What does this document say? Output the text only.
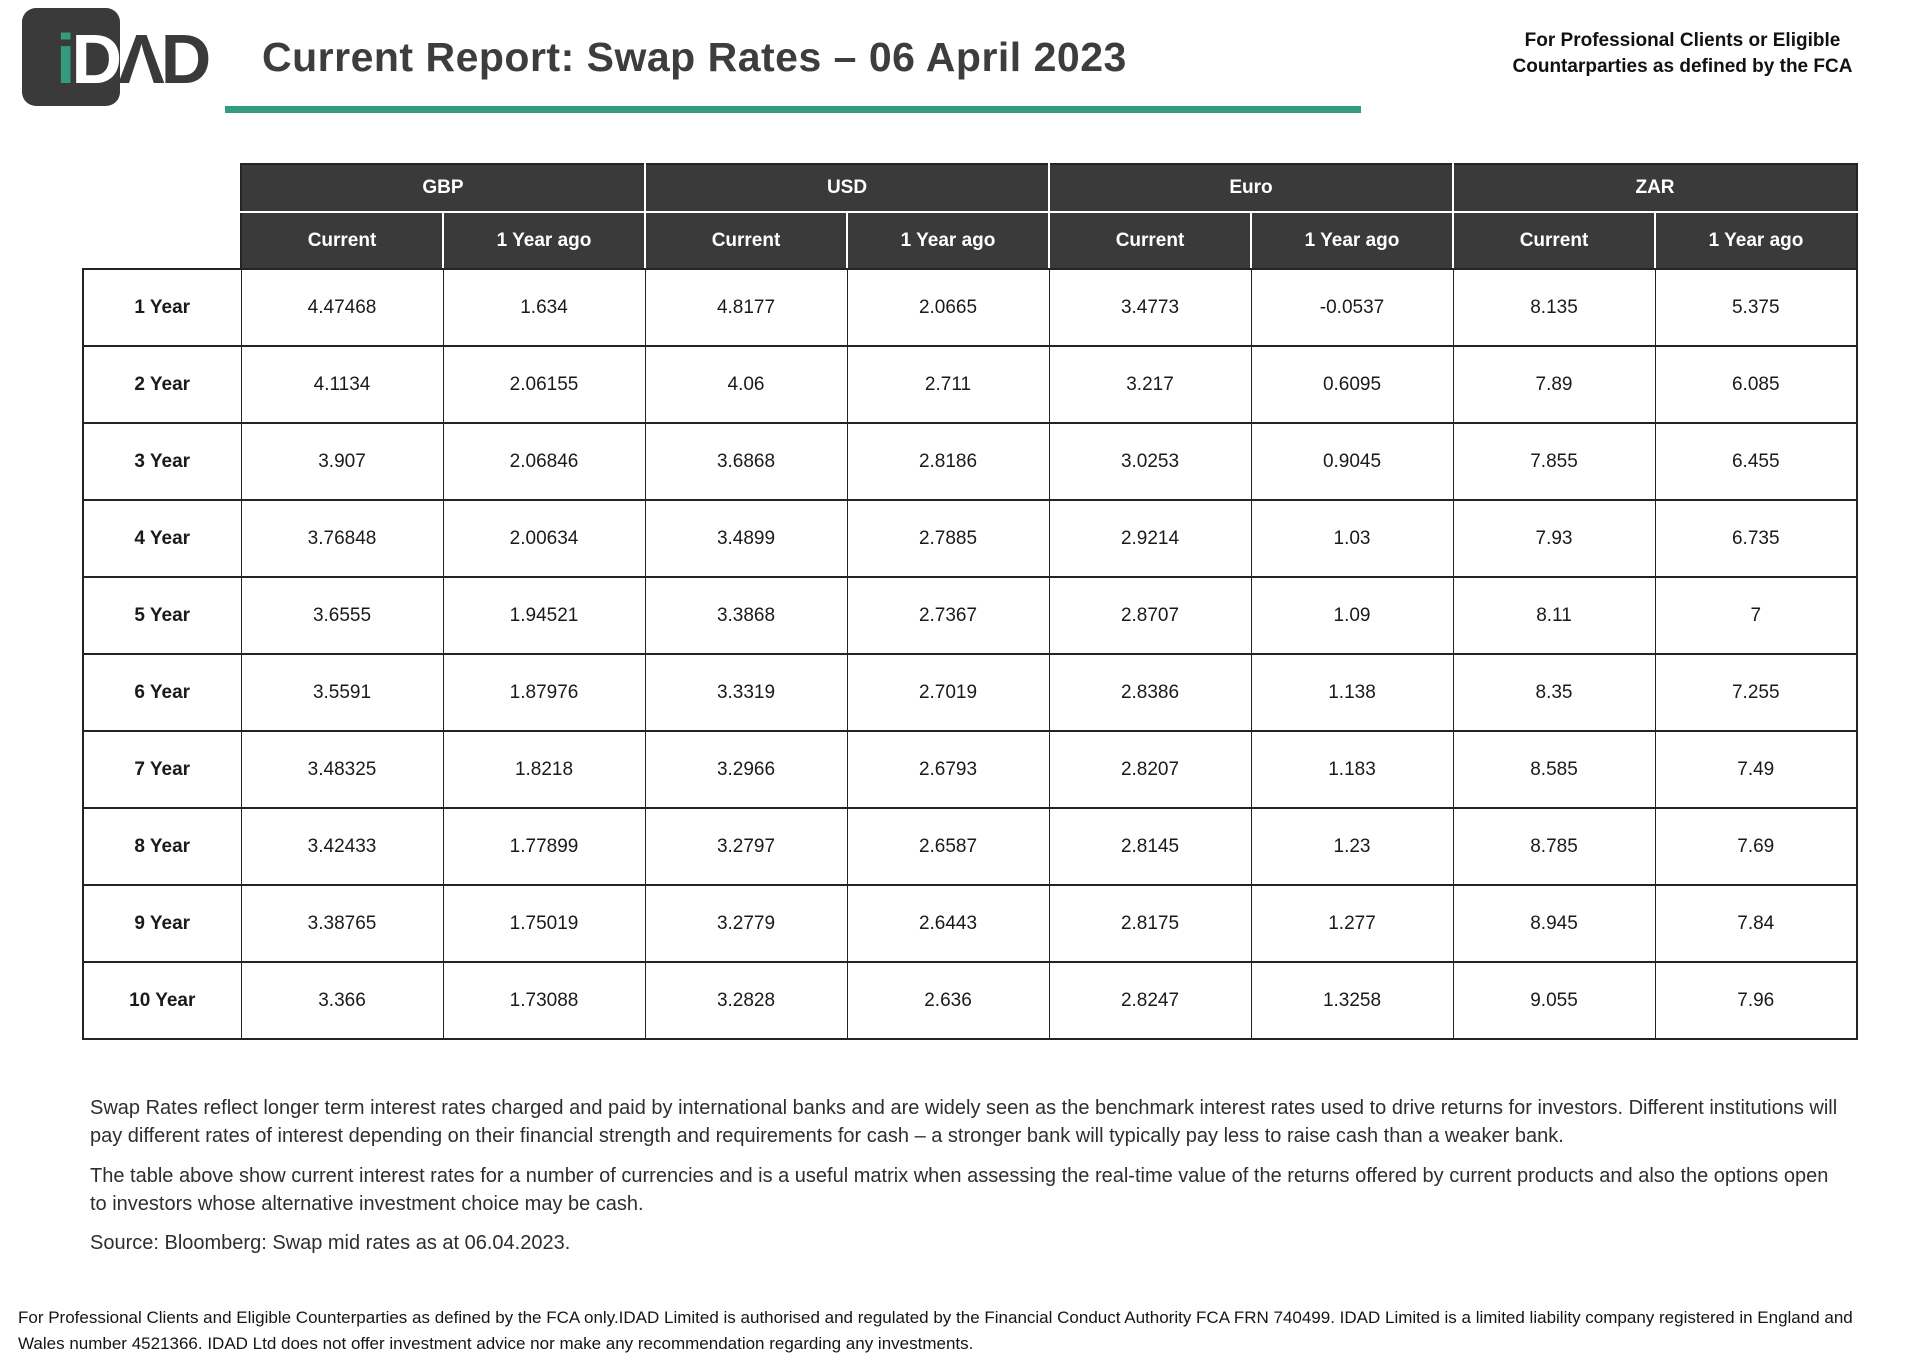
iDΛD Current Report: Swap Rates – 06 April 2023	For Professional Clients or Eligible
Countarparties as defined by the FCA
	GBP		USD		Euro		ZAR	
	Current	1 Year ago	Current	1 Year ago	Current	1 Year ago	Current	1 Year ago
1 Year	4.47468	1.634	4.8177	2.0665	3.4773	-0.0537	8.135	5.375
2 Year	4.1134	2.06155	4.06	2.711	3.217	0.6095	7.89	6.085
3 Year	3.907	2.06846	3.6868	2.8186	3.0253	0.9045	7.855	6.455
4 Year	3.76848	2.00634	3.4899	2.7885	2.9214	1.03	7.93	6.735
5 Year	3.6555	1.94521	3.3868	2.7367	2.8707	1.09	8.11	7
6 Year	3.5591	1.87976	3.3319	2.7019	2.8386	1.138	8.35	7.255
7 Year	3.48325	1.8218	3.2966	2.6793	2.8207	1.183	8.585	7.49
8 Year	3.42433	1.77899	3.2797	2.6587	2.8145	1.23	8.785	7.69
9 Year	3.38765	1.75019	3.2779	2.6443	2.8175	1.277	8.945	7.84
10 Year	3.366	1.73088	3.2828	2.636	2.8247	1.3258	9.055	7.96
Swap Rates reflect longer term interest rates charged and paid by international banks and are widely seen as the benchmark interest rates used to drive returns for investors. Different institutions will pay different rates of interest depending on their financial strength and requirements for cash – a stronger bank will typically pay less to raise cash than a weaker bank.
The table above show current interest rates for a number of currencies and is a useful matrix when assessing the real-time value of the returns offered by current products and also the options open to investors whose alternative investment choice may be cash.
Source: Bloomberg: Swap mid rates as at 06.04.2023.
For Professional Clients and Eligible Counterparties as defined by the FCA only.IDAD Limited is authorised and regulated by the Financial Conduct Authority FCA FRN 740499. IDAD Limited is a limited liability company registered in England and Wales number 4521366. IDAD Ltd does not offer investment advice nor make any recommendation regarding any investments.
